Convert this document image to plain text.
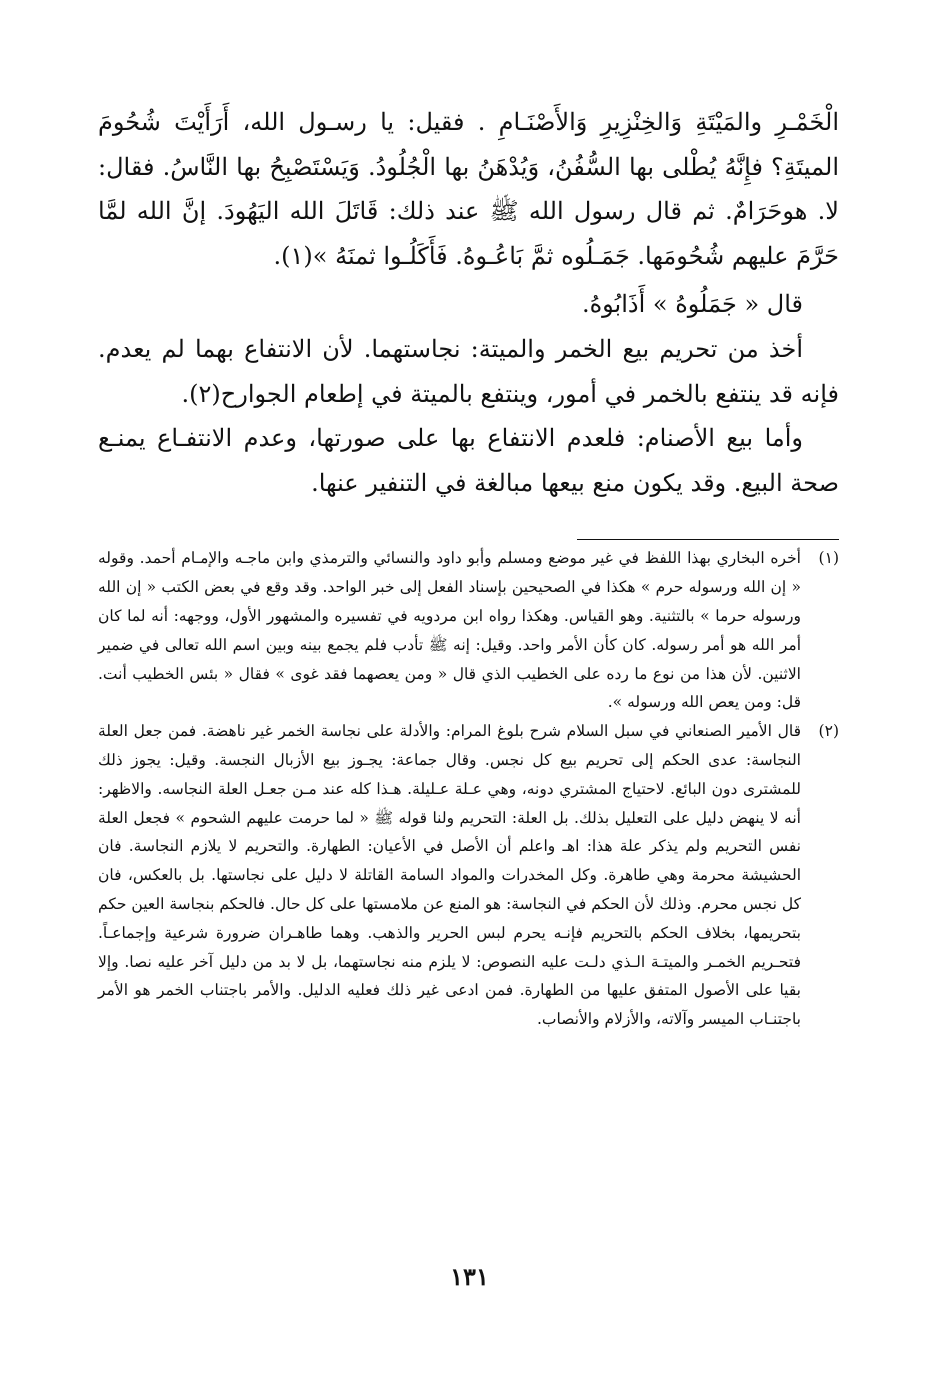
الْخَمْـرِ والمَيْتَةِ وَالخِنْزِيرِ وَالأَصْنَـامِ . فقيل: يا رسـول الله، أَرَأَيْتَ شُحُومَ الميتَةِ؟ فإِنَّهُ يُطْلى بها السُّفُنُ، وَيُدْهَنُ بها الْجُلُودُ. وَيَسْتَصْبِحُ بها النَّاسُ. فقال: لا. هوحَرَامٌ. ثم قال رسول الله ﷺ عند ذلك: قَاتَلَ الله اليَهُودَ. إنَّ الله لمَّا حَرَّمَ عليهم شُحُومَها. جَمَـلُوه ثمَّ بَاعُـوهُ. فَأَكَلُـوا ثمنَهُ »(١).

قال « جَمَلُوهُ » أَذَابُوهُ.

أخذ من تحريم بيع الخمر والميتة: نجاستهما. لأن الانتفاع بهما لم يعدم. فإنه قد ينتفع بالخمر في أمور، وينتفع بالميتة في إطعام الجوارح(٢).

وأما بيع الأصنام: فلعدم الانتفاع بها على صورتها، وعدم الانتفـاع يمنـع صحة البيع. وقد يكون منع بيعها مبالغة في التنفير عنها.

(١)
أخره البخاري بهذا اللفظ في غير موضع ومسلم وأبو داود والنسائي والترمذي وابن ماجـه والإمـام أحمد. وقوله « إن الله ورسوله حرم » هكذا في الصحيحين بإسناد الفعل إلى خبر الواحد. وقد وقع في بعض الكتب « إن الله ورسوله حرما » بالتثنية. وهو القياس. وهكذا رواه ابن مردويه في تفسيره والمشهور الأول، ووجهه: أنه لما كان أمر الله هو أمر رسوله. كان كأن الأمر واحد. وقيل: إنه ﷺ تأدب فلم يجمع بينه وبين اسم الله تعالى في ضمير الاثنين. لأن هذا من نوع ما رده على الخطيب الذي قال « ومن يعصهما فقد غوى » فقال « بئس الخطيب أنت. قل: ومن يعص الله ورسوله ».

(٢)
قال الأمير الصنعاني في سبل السلام شرح بلوغ المرام: والأدلة على نجاسة الخمر غير ناهضة. فمن جعل العلة النجاسة: عدى الحكم إلى تحريم بيع كل نجس. وقال جماعة: يجـوز بيع الأزبال النجسة. وقيل: يجوز ذلك للمشترى دون البائع. لاحتياج المشتري دونه، وهي عـلة عـليلة. هـذا كله عند مـن جعـل العلة النجاسه. والاظهر: أنه لا ينهض دليل على التعليل بذلك. بل العلة: التحريم ولنا قوله ﷺ « لما حرمت عليهم الشحوم » فجعل العلة نفس التحريم ولم يذكر علة هذا: اهـ واعلم أن الأصل في الأعيان: الطهارة. والتحريم لا يلازم النجاسة. فان الحشيشة محرمة وهي طاهرة. وكل المخدرات والمواد السامة القاتلة لا دليل على نجاستها. بل بالعكس، فان كل نجس محرم. وذلك لأن الحكم في النجاسة: هو المنع عن ملامستها على كل حال. فالحكم بنجاسة العين حكم بتحريمها، بخلاف الحكم بالتحريم فإنـه يحرم لبس الحرير والذهب. وهما طاهـران ضرورة شرعية وإجماعـاً. فتحـريم الخمـر والميتـة الـذي دلـت عليه النصوص: لا يلزم منه نجاستهما، بل لا بد من دليل آخر عليه نصا. وإلا بقيا على الأصول المتفق عليها من الطهارة. فمن ادعى غير ذلك فعليه الدليل. والأمر باجتناب الخمر هو الأمر باجتنـاب الميسر وآلاته، والأزلام والأنصاب.

١٣١
